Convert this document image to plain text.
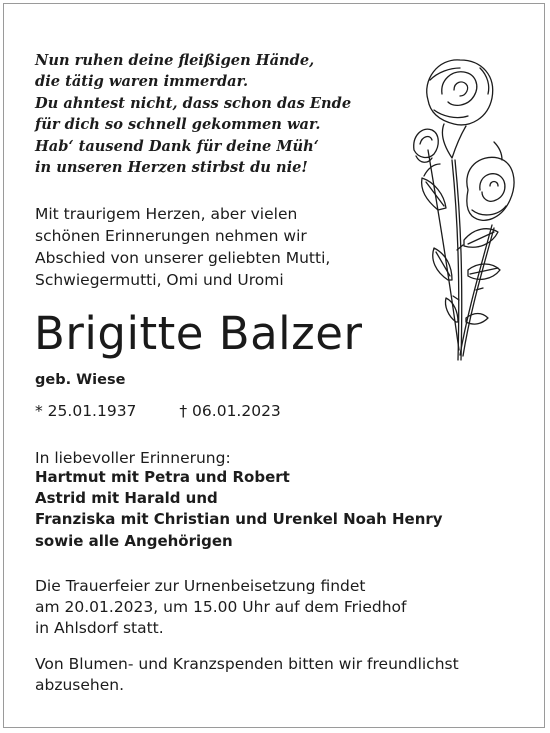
Nun ruhen deine fleißigen Hände,
die tätig waren immerdar.
Du ahntest nicht, dass schon das Ende
für dich so schnell gekommen war.
Hab‘ tausend Dank für deine Müh‘
in unseren Herzen stirbst du nie!
Mit traurigem Herzen, aber vielen
schönen Erinnerungen nehmen wir
Abschied von unserer geliebten Mutti,
Schwiegermutti, Omi und Uromi
Brigitte Balzer
geb. Wiese
* 25.01.1937	† 06.01.2023
In liebevoller Erinnerung:
Hartmut mit Petra und Robert
Astrid mit Harald und
Franziska mit Christian und Urenkel Noah Henry
sowie alle Angehörigen
Die Trauerfeier zur Urnenbeisetzung findet
am 20.01.2023, um 15.00 Uhr auf dem Friedhof
in Ahlsdorf statt.
Von Blumen- und Kranzspenden bitten wir freundlichst
abzusehen.
